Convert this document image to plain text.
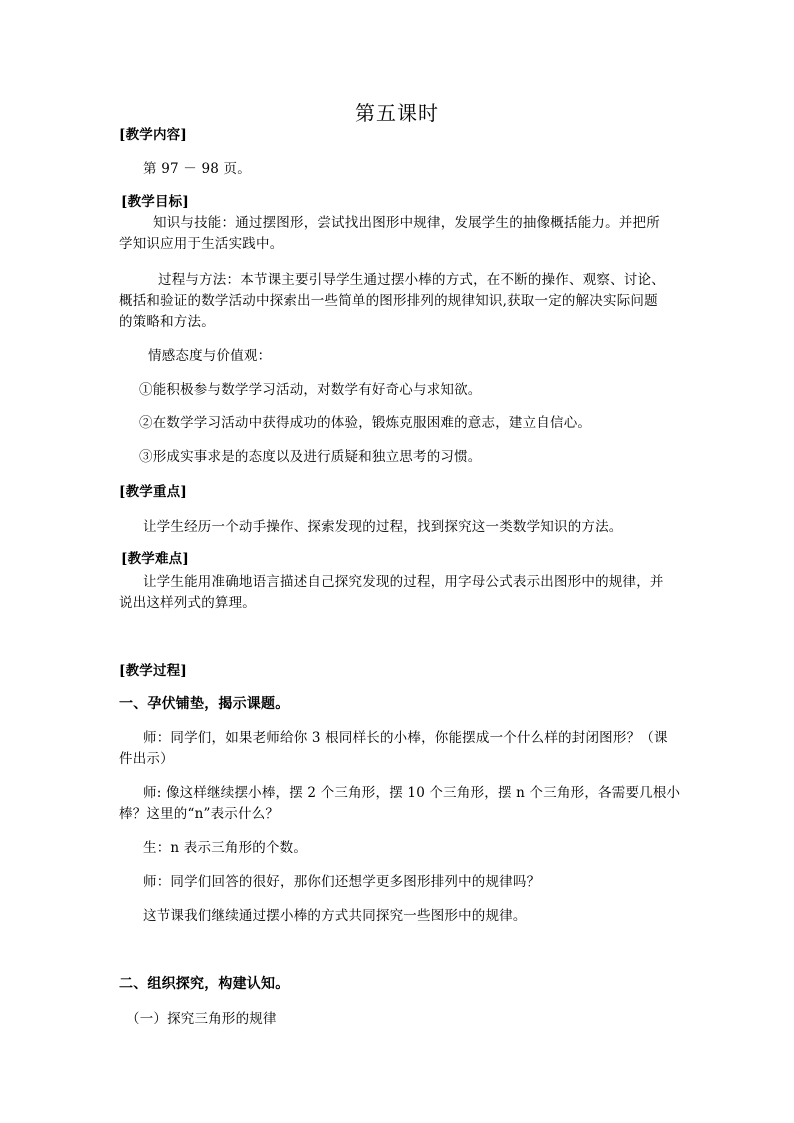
第五课时
[教学内容]
第 97 － 98 页。
[教学目标]
知识与技能：通过摆图形，尝试找出图形中规律，发展学生的抽像概括能力。并把所
学知识应用于生活实践中。
过程与方法：本节课主要引导学生通过摆小棒的方式，在不断的操作、观察、讨论、
概括和验证的数学活动中探索出一些简单的图形排列的规律知识,获取一定的解决实际问题
的策略和方法。
情感态度与价值观：
①能积极参与数学学习活动，对数学有好奇心与求知欲。
②在数学学习活动中获得成功的体验，锻炼克服困难的意志，建立自信心。
③形成实事求是的态度以及进行质疑和独立思考的习惯。
[教学重点]
让学生经历一个动手操作、探索发现的过程，找到探究这一类数学知识的方法。
[教学难点]
让学生能用准确地语言描述自己探究发现的过程，用字母公式表示出图形中的规律，并
说出这样列式的算理。
[教学过程]
一、孕伏铺垫，揭示课题。
师：同学们，如果老师给你 3 根同样长的小棒，你能摆成一个什么样的封闭图形？（课
件出示）
师: 像这样继续摆小棒，摆 2 个三角形，摆 10 个三角形，摆 n 个三角形，各需要几根小
棒？这里的“n”表示什么？
生：n 表示三角形的个数。
师：同学们回答的很好，那你们还想学更多图形排列中的规律吗？
这节课我们继续通过摆小棒的方式共同探究一些图形中的规律。
二、组织探究，构建认知。
（一）探究三角形的规律
